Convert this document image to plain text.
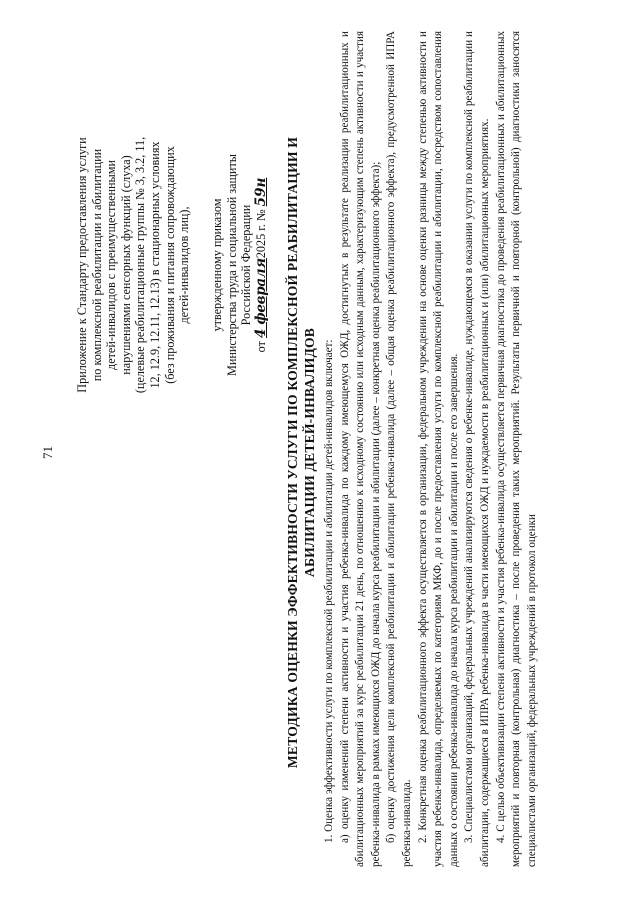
71
Приложение к Стандарту предоставления услуги по комплексной реабилитации и абилитации детей-инвалидов с преимущественными нарушениями сенсорных функций (слуха) (целевые реабилитационные группы № 3, 3.2, 11, 12, 12.9, 12.11, 12.13) в стационарных условиях (без проживания и питания сопровождающих детей-инвалидов лиц), утвержденному приказом Министерства труда и социальной защиты Российской Федерации
от 4 февраля2025 г. № 59н МЕТОДИКА ОЦЕНКИ ЭФФЕКТИВНОСТИ УСЛУГИ ПО КОМПЛЕКСНОЙ РЕАБИЛИТАЦИИ И АБИЛИТАЦИИ ДЕТЕЙ-ИНВАЛИДОВ 1. Оценка эффективности услуги по комплексной реабилитации и абилитации детей-инвалидов включает: а) оценку изменений степени активности и участия ребенка-инвалида по каждому имеющемуся ОЖД, достигнутых в результате реализации реабилитационных и абилитационных мероприятий за курс реабилитации 21 день, по отношению к исходному состоянию или исходным данным, характеризующим степень активности и участия ребенка-инвалида в рамках имеющихся ОЖД до начала курса реабилитации и абилитации (далее – конкретная оценка реабилитационного эффекта); б) оценку достижения цели комплексной реабилитации и абилитации ребенка-инвалида (далее – общая оценка реабилитационного эффекта), предусмотренной ИПРА ребенка-инвалида. 2. Конкретная оценка реабилитационного эффекта осуществляется в организации, федеральном учреждении на основе оценки разницы между степенью активности и участия ребенка-инвалида, определяемых по категориям МКФ, до и после предоставления услуги по комплексной реабилитации и абилитации, посредством сопоставления данных о состоянии ребенка-инвалида до начала курса реабилитации и абилитации и после его завершения. 3. Специалистами организаций, федеральных учреждений анализируются сведения о ребенке-инвалиде, нуждающемся в оказании услуги по комплексной реабилитации и абилитации, содержащиеся в ИПРА ребенка-инвалида в части имеющихся ОЖД и нуждаемости в реабилитационных и (или) абилитационных мероприятиях. 4. С целью объективизации степени активности и участия ребенка-инвалида осуществляется первичная диагностика до проведения реабилитационных и абилитационных мероприятий и повторная (контрольная) диагностика – после проведения таких мероприятий. Результаты первичной и повторной (контрольной) диагностики заносятся специалистами организаций, федеральных учреждений в протокол оценки
